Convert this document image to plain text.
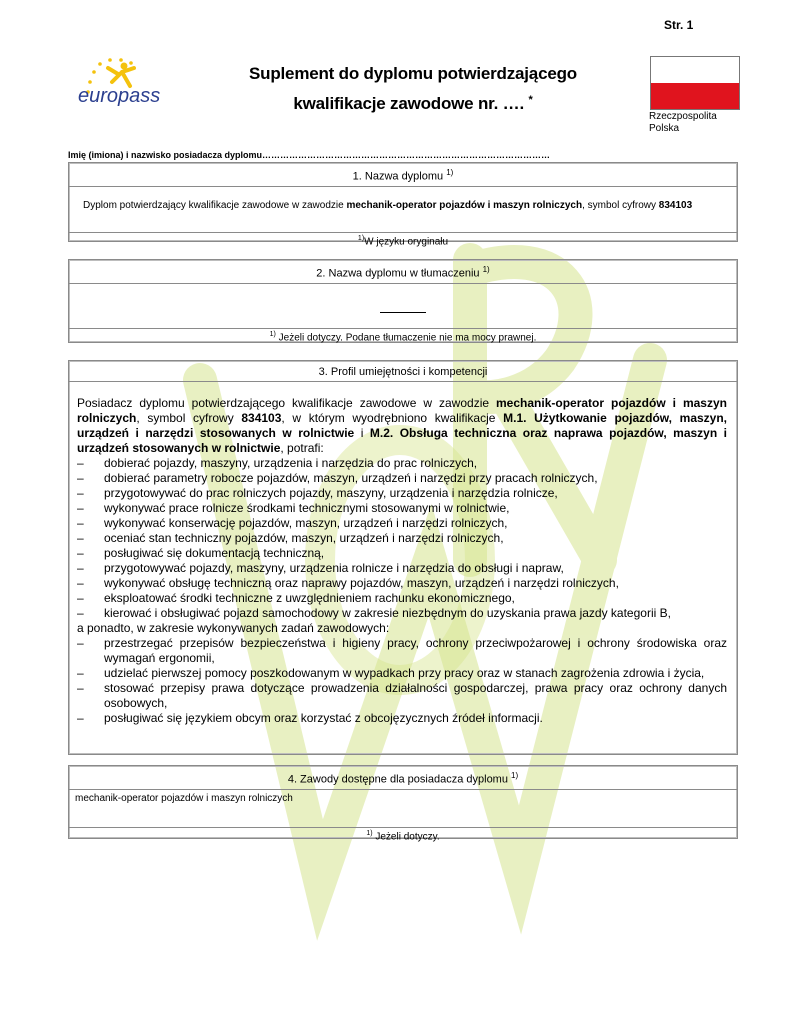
Str. 1
europass
Suplement do dyplomu potwierdzającego
kwalifikacje zawodowe nr. …. *
Rzeczpospolita
Polska
Imię (imiona) i nazwisko posiadacza dyplomu……………………………………………………………………………………
1. Nazwa dyplomu $^{1)}$
Dyplom potwierdzający kwalifikacje zawodowe w zawodzie mechanik-operator pojazdów i maszyn rolniczych, symbol cyfrowy 834103
$^{1)}$W języku oryginału
2. Nazwa dyplomu w tłumaczeniu $^{1)}$
$^{1)}$ Jeżeli dotyczy. Podane tłumaczenie nie ma mocy prawnej.
3. Profil umiejętności i kompetencji
Posiadacz dyplomu potwierdzającego kwalifikacje zawodowe w zawodzie mechanik-operator pojazdów i maszyn rolniczych, symbol cyfrowy 834103, w którym wyodrębniono kwalifikacje M.1. Użytkowanie pojazdów, maszyn, urządzeń i narzędzi stosowanych w rolnictwie i M.2. Obsługa techniczna oraz naprawa pojazdów, maszyn i urządzeń stosowanych w rolnictwie, potrafi:
– dobierać pojazdy, maszyny, urządzenia i narzędzia do prac rolniczych,
– dobierać parametry robocze pojazdów, maszyn, urządzeń i narzędzi przy pracach rolniczych,
– przygotowywać do prac rolniczych pojazdy, maszyny, urządzenia i narzędzia rolnicze,
– wykonywać prace rolnicze środkami technicznymi stosowanymi w rolnictwie,
– wykonywać konserwację pojazdów, maszyn, urządzeń i narzędzi rolniczych,
– oceniać stan techniczny pojazdów, maszyn, urządzeń i narzędzi rolniczych,
– posługiwać się dokumentacją techniczną,
– przygotowywać pojazdy, maszyny, urządzenia rolnicze i narzędzia do obsługi i napraw,
– wykonywać obsługę techniczną oraz naprawy pojazdów, maszyn, urządzeń i narzędzi rolniczych,
– eksploatować środki techniczne z uwzględnieniem rachunku ekonomicznego,
– kierować i obsługiwać pojazd samochodowy w zakresie niezbędnym do uzyskania prawa jazdy kategorii B,
a ponadto, w zakresie wykonywanych zadań zawodowych:
– przestrzegać przepisów bezpieczeństwa i higieny pracy, ochrony przeciwpożarowej i ochrony środowiska oraz wymagań ergonomii,
– udzielać pierwszej pomocy poszkodowanym w wypadkach przy pracy oraz w stanach zagrożenia zdrowia i życia,
– stosować przepisy prawa dotyczące prowadzenia działalności gospodarczej, prawa pracy oraz ochrony danych osobowych,
– posługiwać się językiem obcym oraz korzystać z obcojęzycznych źródeł informacji.
4. Zawody dostępne dla posiadacza dyplomu $^{1)}$
mechanik-operator pojazdów i maszyn rolniczych
$^{1)}$ Jeżeli dotyczy.
